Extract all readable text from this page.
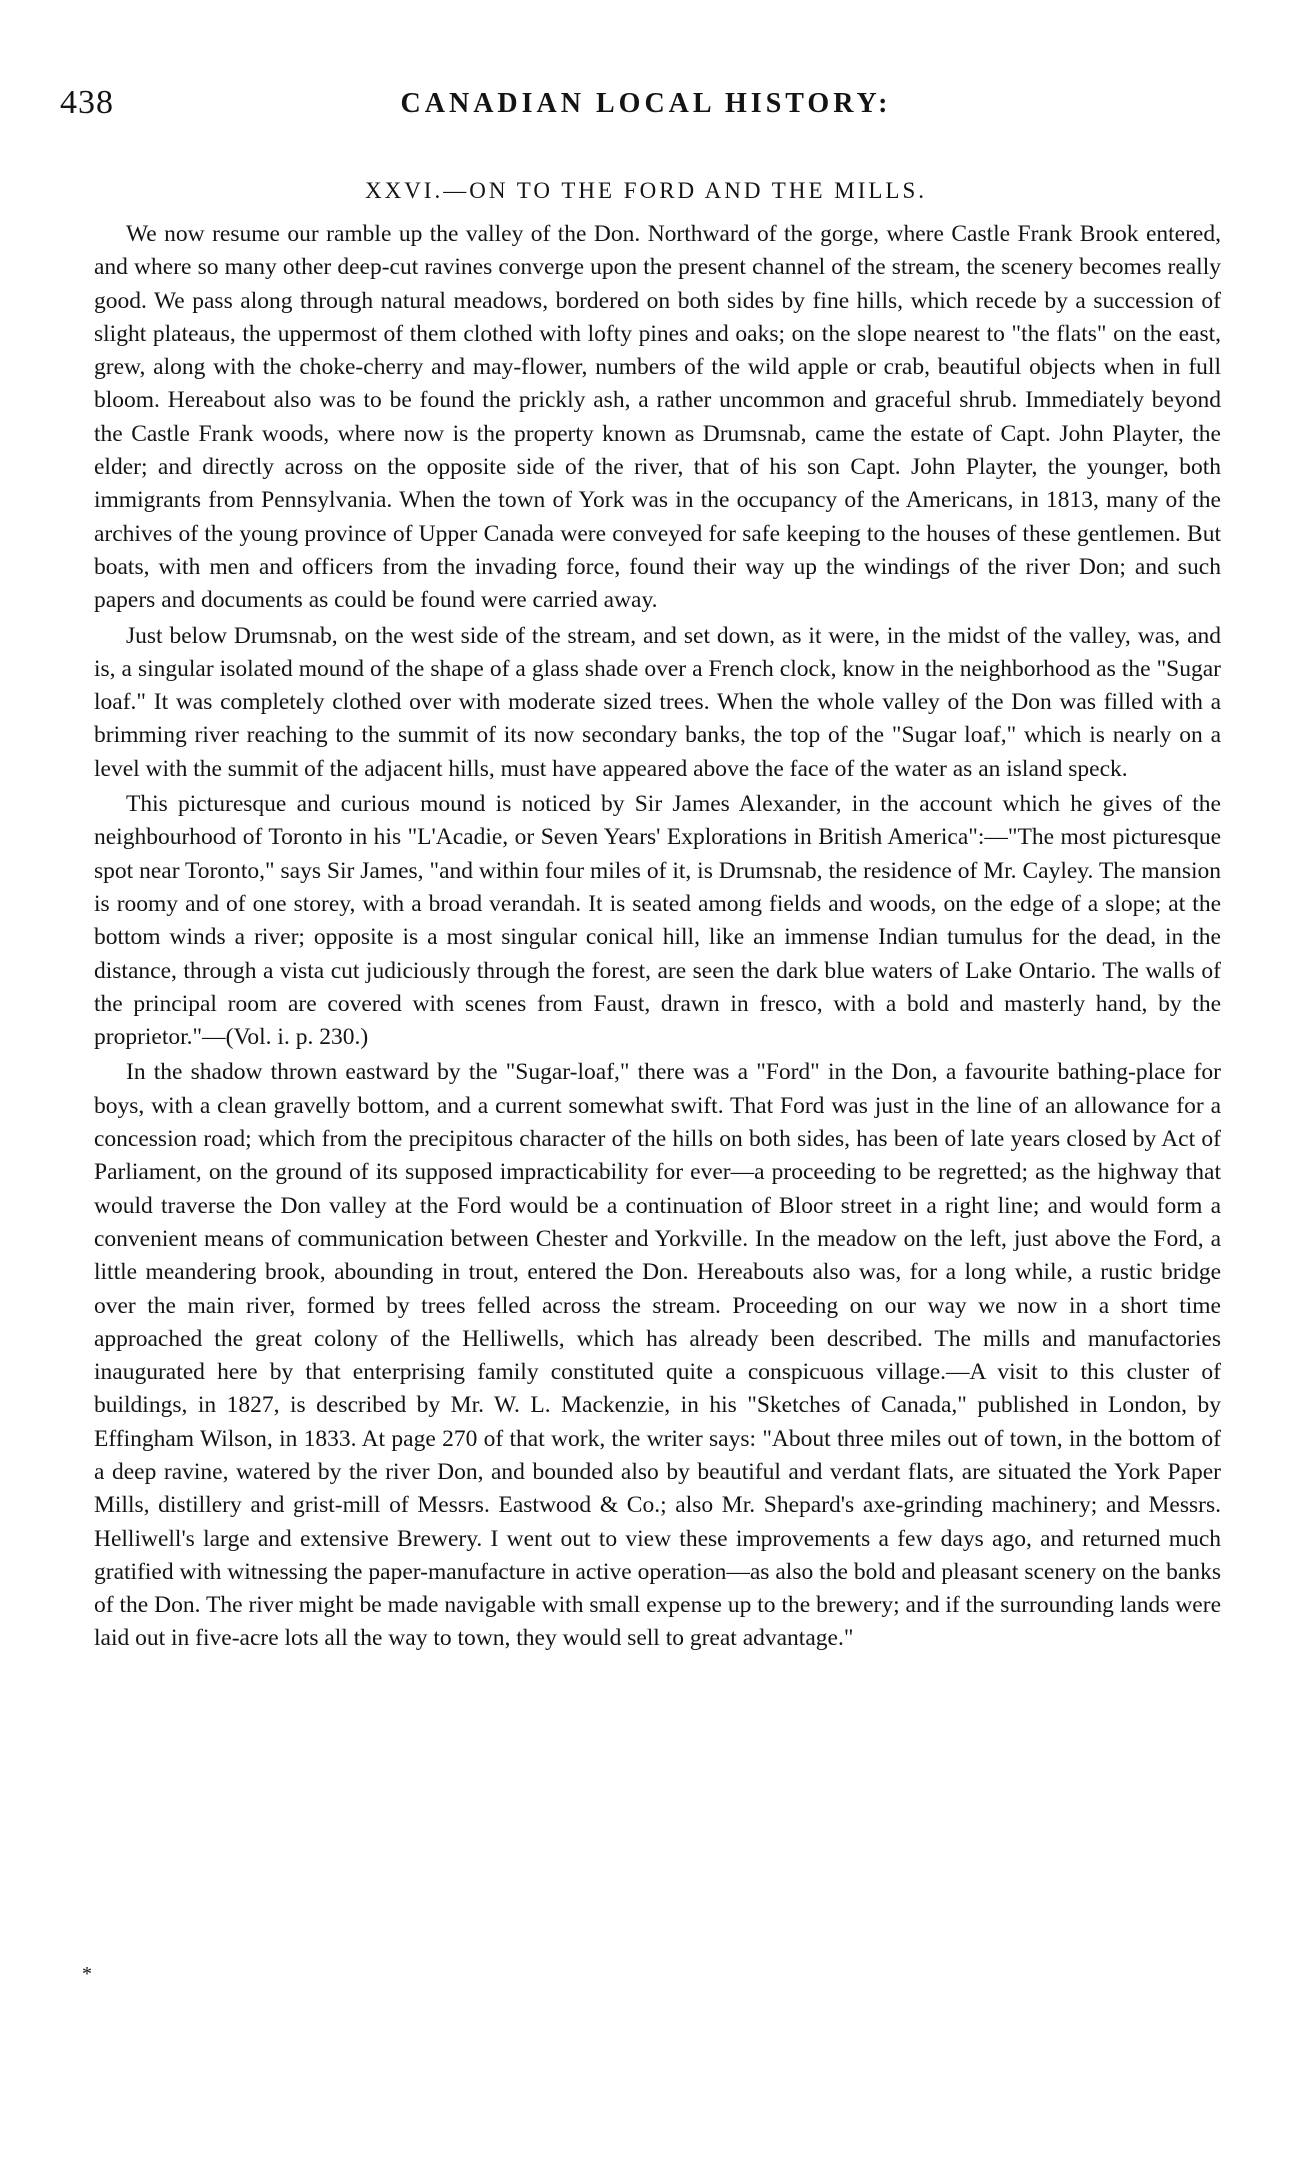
438	CANADIAN LOCAL HISTORY:
XXVI.—ON TO THE FORD AND THE MILLS.

We now resume our ramble up the valley of the Don. Northward of the gorge, where Castle Frank Brook entered, and where so many other deep-cut ravines converge upon the present channel of the stream, the scenery becomes really good. We pass along through natural meadows, bordered on both sides by fine hills, which recede by a succession of slight plateaus, the uppermost of them clothed with lofty pines and oaks; on the slope nearest to "the flats" on the east, grew, along with the choke-cherry and may-flower, numbers of the wild apple or crab, beautiful objects when in full bloom. Hereabout also was to be found the prickly ash, a rather uncommon and graceful shrub. Immediately beyond the Castle Frank woods, where now is the property known as Drumsnab, came the estate of Capt. John Playter, the elder; and directly across on the opposite side of the river, that of his son Capt. John Playter, the younger, both immigrants from Pennsylvania. When the town of York was in the occupancy of the Americans, in 1813, many of the archives of the young province of Upper Canada were conveyed for safe keeping to the houses of these gentlemen. But boats, with men and officers from the invading force, found their way up the windings of the river Don; and such papers and documents as could be found were carried away.

Just below Drumsnab, on the west side of the stream, and set down, as it were, in the midst of the valley, was, and is, a singular isolated mound of the shape of a glass shade over a French clock, know in the neighborhood as the "Sugar loaf." It was completely clothed over with moderate sized trees. When the whole valley of the Don was filled with a brimming river reaching to the summit of its now secondary banks, the top of the "Sugar loaf," which is nearly on a level with the summit of the adjacent hills, must have appeared above the face of the water as an island speck.

This picturesque and curious mound is noticed by Sir James Alexander, in the account which he gives of the neighbourhood of Toronto in his "L'Acadie, or Seven Years' Explorations in British America":—"The most picturesque spot near Toronto," says Sir James, "and within four miles of it, is Drumsnab, the residence of Mr. Cayley. The mansion is roomy and of one storey, with a broad verandah. It is seated among fields and woods, on the edge of a slope; at the bottom winds a river; opposite is a most singular conical hill, like an immense Indian tumulus for the dead, in the distance, through a vista cut judiciously through the forest, are seen the dark blue waters of Lake Ontario. The walls of the principal room are covered with scenes from Faust, drawn in fresco, with a bold and masterly hand, by the proprietor."—(Vol. i. p. 230.)

In the shadow thrown eastward by the "Sugar-loaf," there was a "Ford" in the Don, a favourite bathing-place for boys, with a clean gravelly bottom, and a current somewhat swift. That Ford was just in the line of an allowance for a concession road; which from the precipitous character of the hills on both sides, has been of late years closed by Act of Parliament, on the ground of its supposed impracticability for ever—a proceeding to be regretted; as the highway that would traverse the Don valley at the Ford would be a continuation of Bloor street in a right line; and would form a convenient means of communication between Chester and Yorkville. In the meadow on the left, just above the Ford, a little meandering brook, abounding in trout, entered the Don. Hereabouts also was, for a long while, a rustic bridge over the main river, formed by trees felled across the stream. Proceeding on our way we now in a short time approached the great colony of the Helliwells, which has already been described. The mills and manufactories inaugurated here by that enterprising family constituted quite a conspicuous village.—A visit to this cluster of buildings, in 1827, is described by Mr. W. L. Mackenzie, in his "Sketches of Canada," published in London, by Effingham Wilson, in 1833. At page 270 of that work, the writer says: "About three miles out of town, in the bottom of a deep ravine, watered by the river Don, and bounded also by beautiful and verdant flats, are situated the York Paper Mills, distillery and grist-mill of Messrs. Eastwood & Co.; also Mr. Shepard's axe-grinding machinery; and Messrs. Helliwell's large and extensive Brewery. I went out to view these improvements a few days ago, and returned much gratified with witnessing the paper-manufacture in active operation—as also the bold and pleasant scenery on the banks of the Don. The river might be made navigable with small expense up to the brewery; and if the surrounding lands were laid out in five-acre lots all the way to town, they would sell to great advantage."

*
